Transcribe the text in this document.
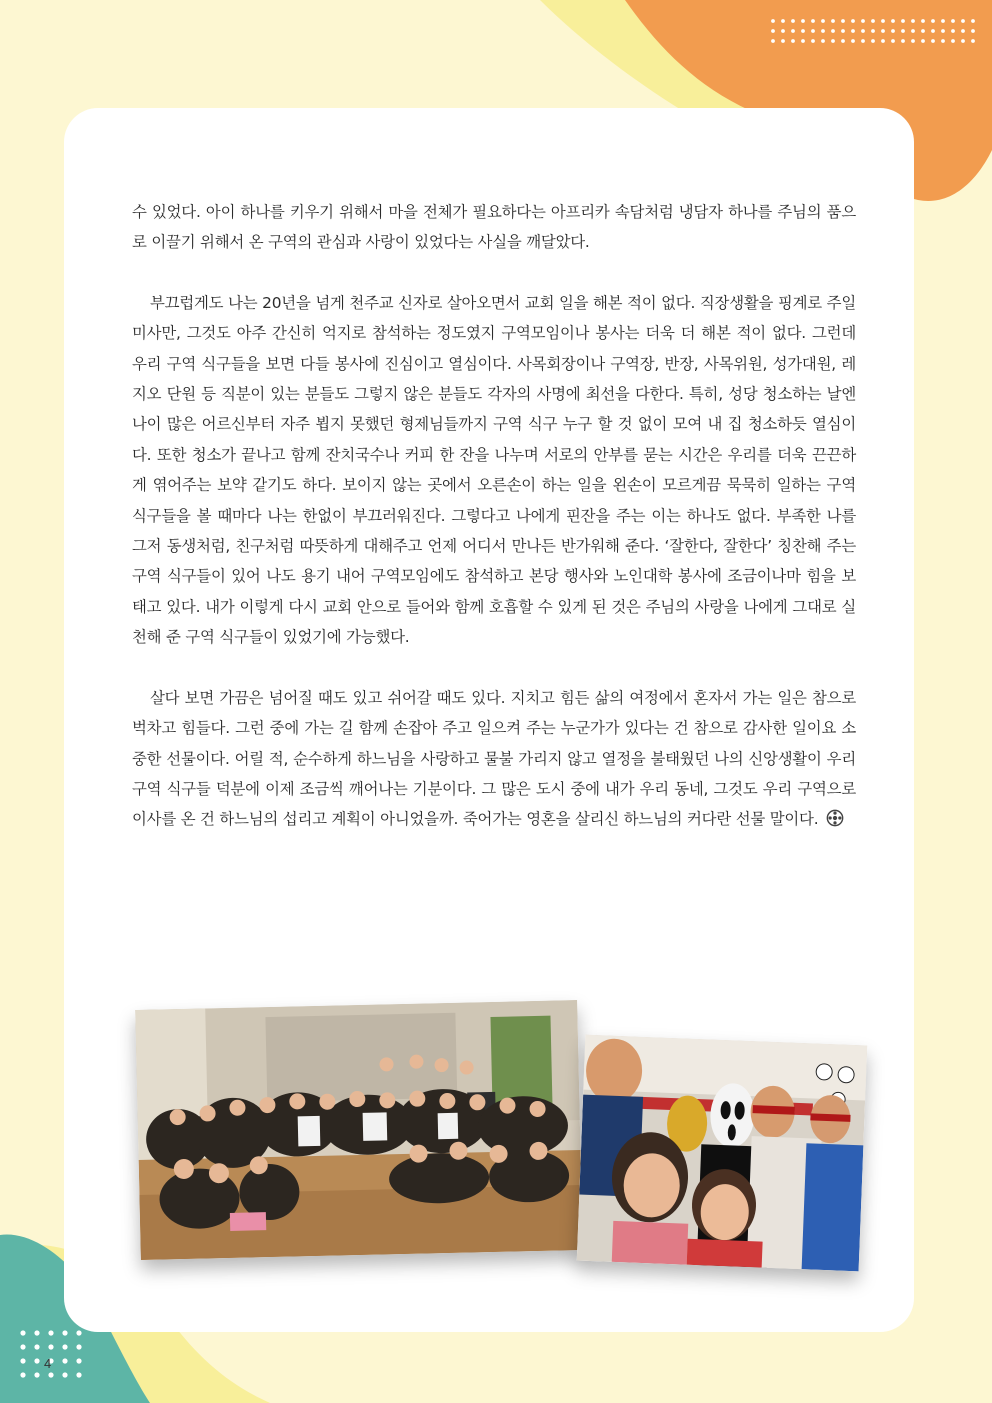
수 있었다. 아이 하나를 키우기 위해서 마을 전체가 필요하다는 아프리카 속담처럼 냉담자 하나를 주님의 품으로 이끌기 위해서 온 구역의 관심과 사랑이 있었다는 사실을 깨달았다.

부끄럽게도 나는 20년을 넘게 천주교 신자로 살아오면서 교회 일을 해본 적이 없다. 직장생활을 핑계로 주일미사만, 그것도 아주 간신히 억지로 참석하는 정도였지 구역모임이나 봉사는 더욱 더 해본 적이 없다. 그런데 우리 구역 식구들을 보면 다들 봉사에 진심이고 열심이다. 사목회장이나 구역장, 반장, 사목위원, 성가대원, 레지오 단원 등 직분이 있는 분들도 그렇지 않은 분들도 각자의 사명에 최선을 다한다. 특히, 성당 청소하는 날엔 나이 많은 어르신부터 자주 뵙지 못했던 형제님들까지 구역 식구 누구 할 것 없이 모여 내 집 청소하듯 열심이다. 또한 청소가 끝나고 함께 잔치국수나 커피 한 잔을 나누며 서로의 안부를 묻는 시간은 우리를 더욱 끈끈하게 엮어주는 보약 같기도 하다. 보이지 않는 곳에서 오른손이 하는 일을 왼손이 모르게끔 묵묵히 일하는 구역 식구들을 볼 때마다 나는 한없이 부끄러워진다. 그렇다고 나에게 핀잔을 주는 이는 하나도 없다. 부족한 나를 그저 동생처럼, 친구처럼 따뜻하게 대해주고 언제 어디서 만나든 반가워해 준다. ‘잘한다, 잘한다’ 칭찬해 주는 구역 식구들이 있어 나도 용기 내어 구역모임에도 참석하고 본당 행사와 노인대학 봉사에 조금이나마 힘을 보태고 있다. 내가 이렇게 다시 교회 안으로 들어와 함께 호흡할 수 있게 된 것은 주님의 사랑을 나에게 그대로 실천해 준 구역 식구들이 있었기에 가능했다.

살다 보면 가끔은 넘어질 때도 있고 쉬어갈 때도 있다. 지치고 힘든 삶의 여정에서 혼자서 가는 일은 참으로 벅차고 힘들다. 그런 중에 가는 길 함께 손잡아 주고 일으켜 주는 누군가가 있다는 건 참으로 감사한 일이요 소중한 선물이다. 어릴 적, 순수하게 하느님을 사랑하고 물불 가리지 않고 열정을 불태웠던 나의 신앙생활이 우리 구역 식구들 덕분에 이제 조금씩 깨어나는 기분이다. 그 많은 도시 중에 내가 우리 동네, 그것도 우리 구역으로 이사를 온 건 하느님의 섭리고 계획이 아니었을까. 죽어가는 영혼을 살리신 하느님의 커다란 선물 말이다.

4
